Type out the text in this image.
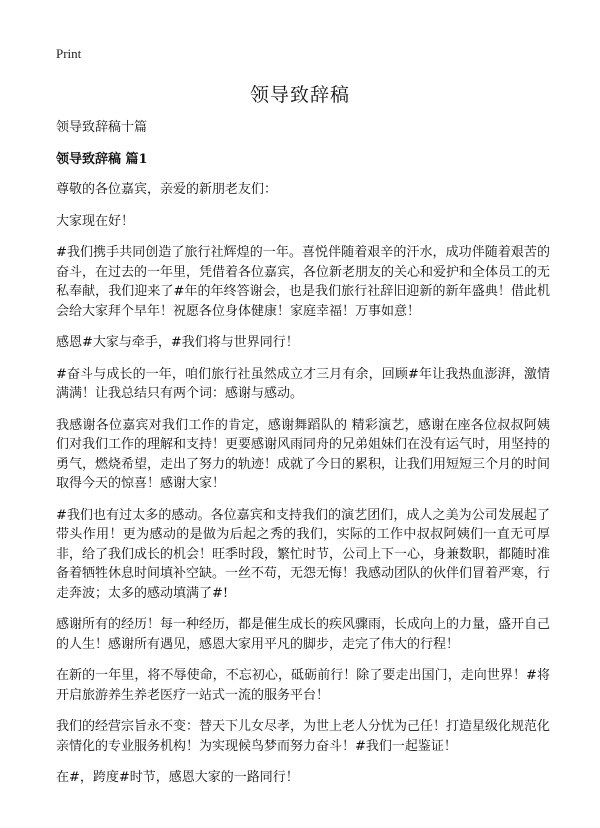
Print
领导致辞稿

领导致辞稿十篇

领导致辞稿 篇1

尊敬的各位嘉宾，亲爱的新朋老友们：

大家现在好！

#我们携手共同创造了旅行社辉煌的一年。喜悦伴随着艰辛的汗水，成功伴随着艰苦的奋斗，在过去的一年里，凭借着各位嘉宾，各位新老朋友的关心和爱护和全体员工的无私奉献，我们迎来了#年的年终答谢会，也是我们旅行社辞旧迎新的新年盛典！借此机会给大家拜个早年！祝愿各位身体健康！家庭幸福！万事如意！

感恩#大家与牵手，#我们将与世界同行！

#奋斗与成长的一年，咱们旅行社虽然成立才三月有余，回顾#年让我热血澎湃，激情满满！让我总结只有两个词：感谢与感动。

我感谢各位嘉宾对我们工作的肯定，感谢舞蹈队的 精彩演艺，感谢在座各位叔叔阿姨们对我们工作的理解和支持！更要感谢风雨同舟的兄弟姐妹们在没有运气时，用坚持的勇气，燃烧希望，走出了努力的轨迹！成就了今日的累积，让我们用短短三个月的时间取得今天的惊喜！感谢大家！

#我们也有过太多的感动。各位嘉宾和支持我们的演艺团们，成人之美为公司发展起了带头作用！更为感动的是做为后起之秀的我们，实际的工作中叔叔阿姨们一直无可厚非，给了我们成长的机会！旺季时段，繁忙时节，公司上下一心，身兼数职，都随时准备着牺牲休息时间填补空缺。一丝不苟，无怨无悔！我感动团队的伙伴们冒着严寒，行走奔波；太多的感动填满了#!

感谢所有的经历！每一种经历，都是催生成长的疾风骤雨，长成向上的力量，盛开自己的人生！感谢所有遇见，感恩大家用平凡的脚步，走完了伟大的行程！

在新的一年里，将不辱使命，不忘初心，砥砺前行！除了要走出国门，走向世界！#将开启旅游养生养老医疗一站式一流的服务平台！

我们的经营宗旨永不变：替天下儿女尽孝，为世上老人分忧为己任！打造星级化规范化亲情化的专业服务机构！为实现候鸟梦而努力奋斗！#我们一起鉴证！

在#，跨度#时节，感恩大家的一路同行！
